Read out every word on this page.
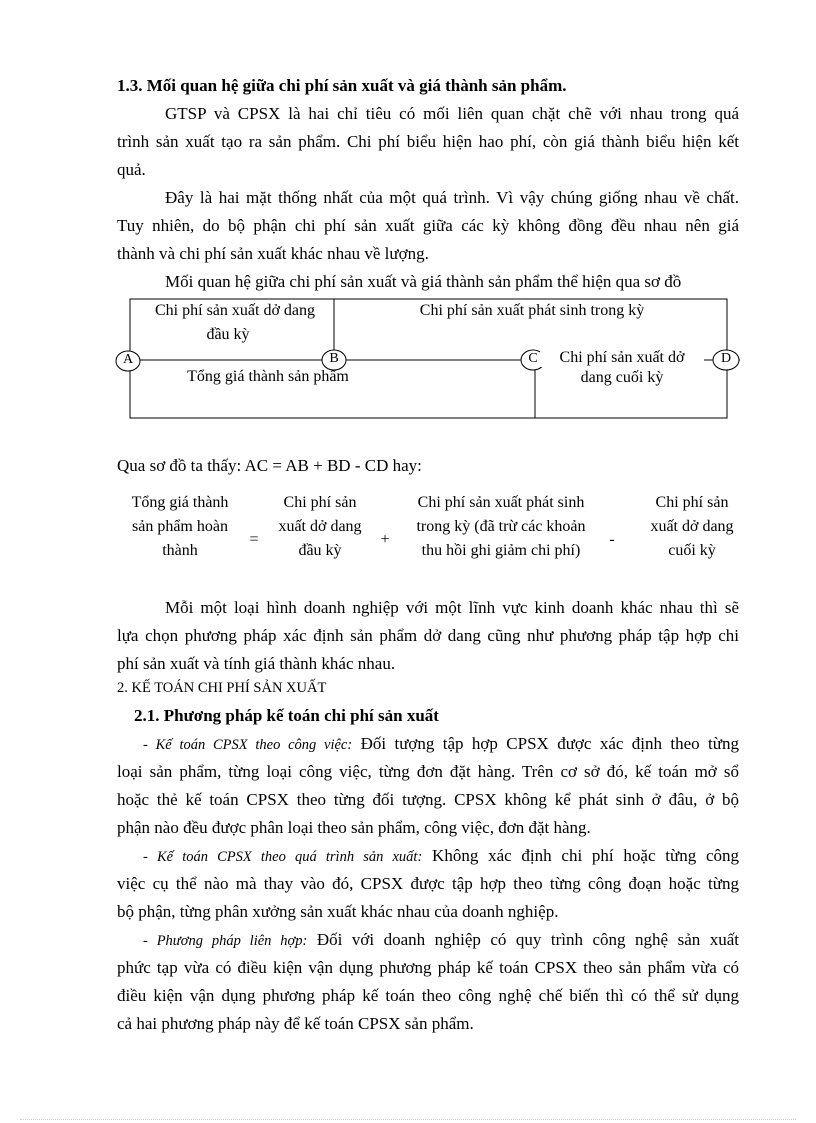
1.3. Mối quan hệ giữa chi phí sản xuất và giá thành sản phẩm.
GTSP và CPSX là hai chỉ tiêu có mối liên quan chặt chẽ với nhau trong quá
trình sản xuất tạo ra sản phẩm. Chi phí biểu hiện hao phí, còn giá thành biểu hiện kết
quả.
Đây là hai mặt thống nhất của một quá trình. Vì vậy chúng giống nhau về chất.
Tuy nhiên, do bộ phận chi phí sản xuất giữa các kỳ không đồng đều nhau nên giá
thành và chi phí sản xuất khác nhau về lượng.
Mối quan hệ giữa chi phí sản xuất và giá thành sản phẩm thể hiện qua sơ đồ
A	B	C	D
Chi phí sản xuất dở dang
đầu kỳ
Chi phí sản xuất phát sinh trong kỳ
Tổng giá thành sản phẩm
Chi phí sản xuất dở
dang cuối kỳ
Qua sơ đồ ta thấy: AC = AB + BD - CD hay:
Tổng giá thành
sản phẩm hoàn
thành
=
Chi phí sản
xuất dở dang
đầu kỳ
+
Chi phí sản xuất phát sinh
trong kỳ (đã trừ các khoản
thu hồi ghi giảm chi phí)
-
Chi phí sản
xuất dở dang
cuối kỳ
Mỗi một loại hình doanh nghiệp với một lĩnh vực kinh doanh khác nhau thì sẽ
lựa chọn phương pháp xác định sản phẩm dở dang cũng như phương pháp tập hợp chi
phí sản xuất và tính giá thành khác nhau.
2. KẾ TOÁN CHI PHÍ SẢN XUẤT
2.1. Phương pháp kế toán chi phí sản xuất
- Kế toán CPSX theo công việc: Đối tượng tập hợp CPSX được xác định theo từng
loại sản phẩm, từng loại công việc, từng đơn đặt hàng. Trên cơ sở đó, kế toán mở sổ
hoặc thẻ kế toán CPSX theo từng đối tượng. CPSX không kể phát sinh ở đâu, ở bộ
phận nào đều được phân loại theo sản phẩm, công việc, đơn đặt hàng.
- Kế toán CPSX theo quá trình sản xuất: Không xác định chi phí hoặc từng công
việc cụ thể nào mà thay vào đó, CPSX được tập hợp theo từng công đoạn hoặc từng
bộ phận, từng phân xưởng sản xuất khác nhau của doanh nghiệp.
- Phương pháp liên hợp: Đối với doanh nghiệp có quy trình công nghệ sản xuất
phức tạp vừa có điều kiện vận dụng phương pháp kế toán CPSX theo sản phẩm vừa có
điều kiện vận dụng phương pháp kế toán theo công nghệ chế biến thì có thể sử dụng
cả hai phương pháp này để kế toán CPSX sản phẩm.
